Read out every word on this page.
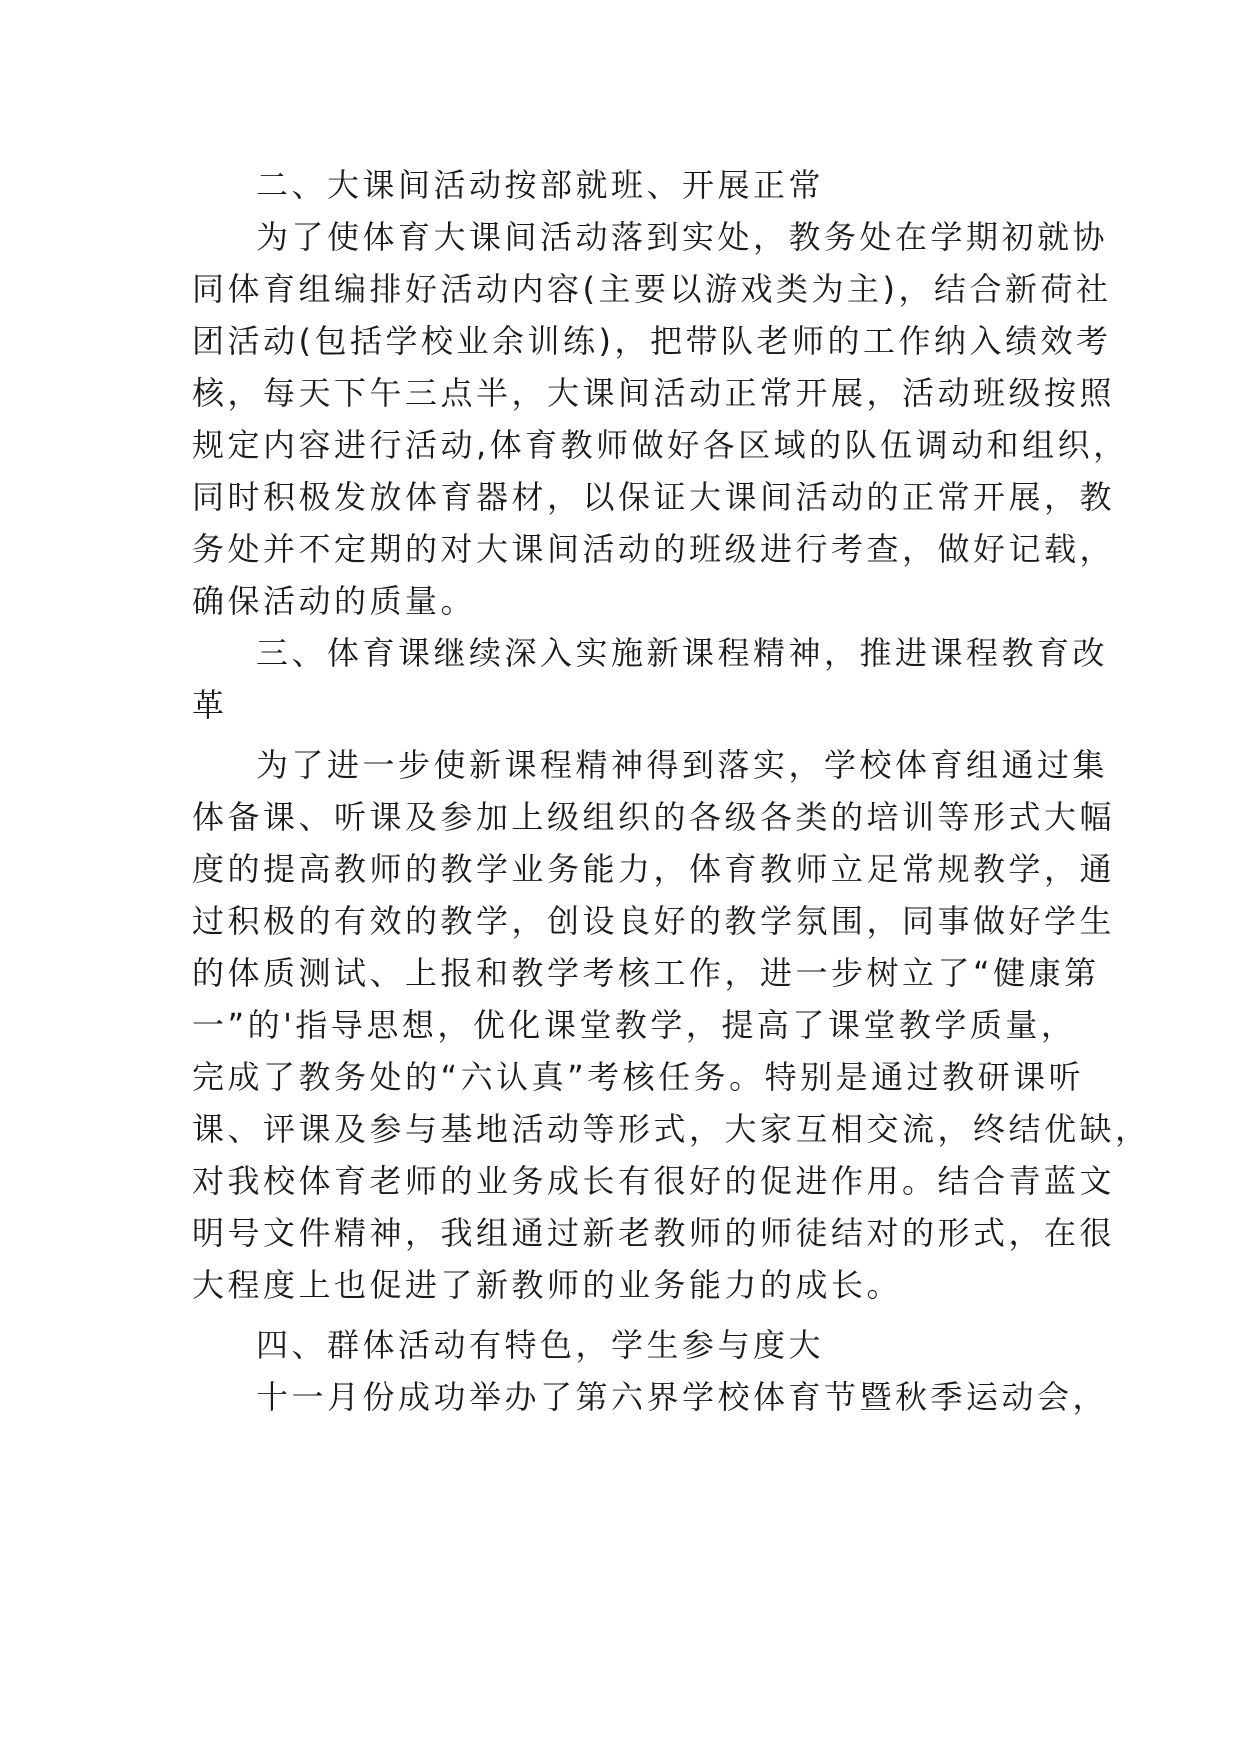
二、大课间活动按部就班、开展正常
为了使体育大课间活动落到实处，教务处在学期初就协
同体育组编排好活动内容(主要以游戏类为主)，结合新荷社
团活动(包括学校业余训练)，把带队老师的工作纳入绩效考
核，每天下午三点半，大课间活动正常开展，活动班级按照
规定内容进行活动,体育教师做好各区域的队伍调动和组织，
同时积极发放体育器材，以保证大课间活动的正常开展，教
务处并不定期的对大课间活动的班级进行考查，做好记载，
确保活动的质量。
三、体育课继续深入实施新课程精神，推进课程教育改
革
为了进一步使新课程精神得到落实，学校体育组通过集
体备课、听课及参加上级组织的各级各类的培训等形式大幅
度的提高教师的教学业务能力，体育教师立足常规教学，通
过积极的有效的教学，创设良好的教学氛围，同事做好学生
的体质测试、上报和教学考核工作，进一步树立了“健康第
一”的'指导思想，优化课堂教学，提高了课堂教学质量，
完成了教务处的“六认真”考核任务。特别是通过教研课听
课、评课及参与基地活动等形式，大家互相交流，终结优缺，
对我校体育老师的业务成长有很好的促进作用。结合青蓝文
明号文件精神，我组通过新老教师的师徒结对的形式，在很
大程度上也促进了新教师的业务能力的成长。
四、群体活动有特色，学生参与度大
十一月份成功举办了第六界学校体育节暨秋季运动会，
